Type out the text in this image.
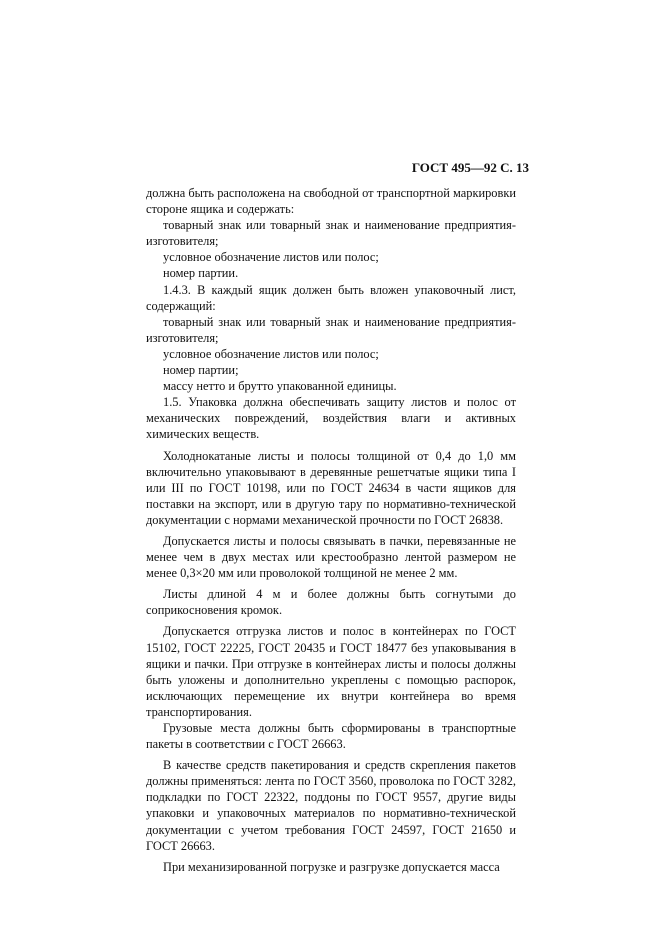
ГОСТ 495—92 С. 13

должна быть расположена на свободной от транспортной маркировки стороне ящика и содержать:

товарный знак или товарный знак и наименование предприятия-изготовителя;

условное обозначение листов или полос;

номер партии.

1.4.3. В каждый ящик должен быть вложен упаковочный лист, содержащий:

товарный знак или товарный знак и наименование предприятия-изготовителя;

условное обозначение листов или полос;

номер партии;

массу нетто и брутто упакованной единицы.

1.5. Упаковка должна обеспечивать защиту листов и полос от механических повреждений, воздействия влаги и активных химических веществ.

Холоднокатаные листы и полосы толщиной от 0,4 до 1,0 мм включительно упаковывают в деревянные решетчатые ящики типа I или III по ГОСТ 10198, или по ГОСТ 24634 в части ящиков для поставки на экспорт, или в другую тару по нормативно-технической документации с нормами механической прочности по ГОСТ 26838.

Допускается листы и полосы связывать в пачки, перевязанные не менее чем в двух местах или крестообразно лентой размером не менее 0,3×20 мм или проволокой толщиной не менее 2 мм.

Листы длиной 4 м и более должны быть согнутыми до соприкосновения кромок.

Допускается отгрузка листов и полос в контейнерах по ГОСТ 15102, ГОСТ 22225, ГОСТ 20435 и ГОСТ 18477 без упаковывания в ящики и пачки. При отгрузке в контейнерах листы и полосы должны быть уложены и дополнительно укреплены с помощью распорок, исключающих перемещение их внутри контейнера во время транспортирования.

Грузовые места должны быть сформированы в транспортные пакеты в соответствии с ГОСТ 26663.

В качестве средств пакетирования и средств скрепления пакетов должны применяться: лента по ГОСТ 3560, проволока по ГОСТ 3282, подкладки по ГОСТ 22322, поддоны по ГОСТ 9557, другие виды упаковки и упаковочных материалов по нормативно-технической документации с учетом требования ГОСТ 24597, ГОСТ 21650 и ГОСТ 26663.

При механизированной погрузке и разгрузке допускается масса
